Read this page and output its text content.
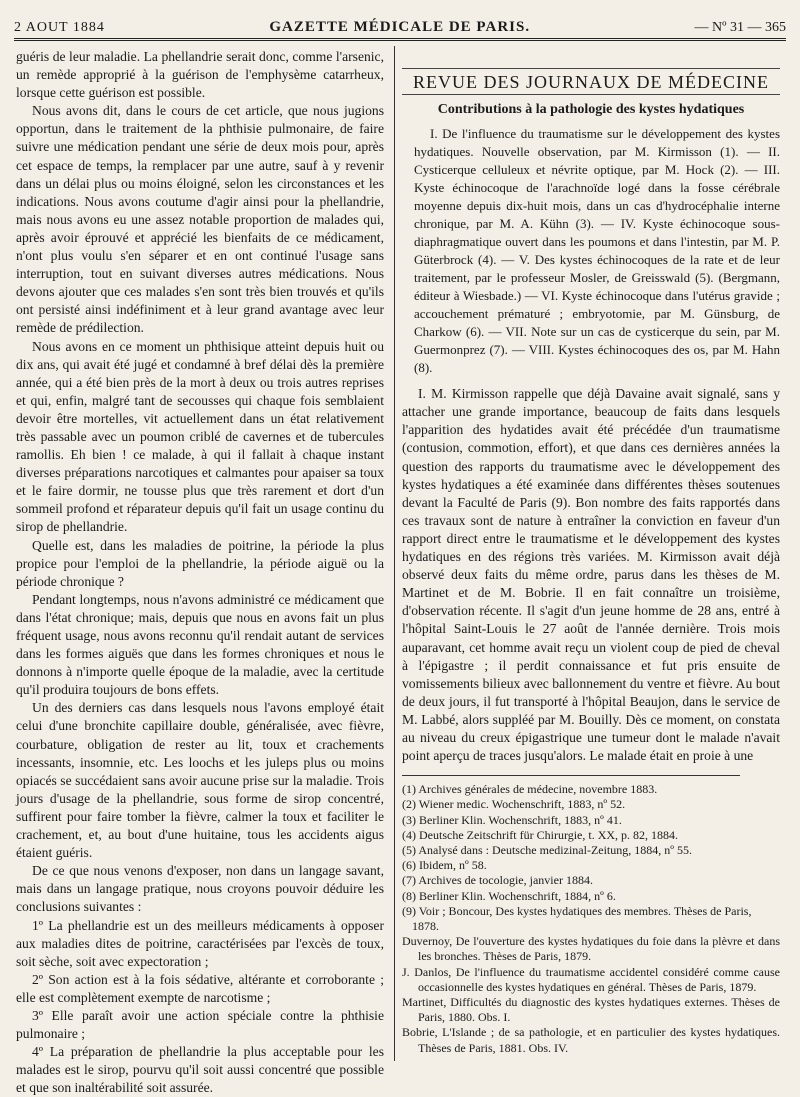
2 AOUT 1884	GAZETTE MÉDICALE DE PARIS.	— Nº 31 — 365

guéris de leur maladie. La phellandrie serait donc, comme l'arsenic, un remède approprié à la guérison de l'emphysème catarrheux, lorsque cette guérison est possible.

Nous avons dit, dans le cours de cet article, que nous jugions opportun, dans le traitement de la phthisie pulmonaire, de faire suivre une médication pendant une série de deux mois pour, après cet espace de temps, la remplacer par une autre, sauf à y revenir dans un délai plus ou moins éloigné, selon les circonstances et les indications. Nous avons coutume d'agir ainsi pour la phellandrie, mais nous avons eu une assez notable proportion de malades qui, après avoir éprouvé et apprécié les bienfaits de ce médicament, n'ont plus voulu s'en séparer et en ont continué l'usage sans interruption, tout en suivant diverses autres médications. Nous devons ajouter que ces malades s'en sont très bien trouvés et qu'ils ont persisté ainsi indéfiniment et à leur grand avantage avec leur remède de prédilection.

Nous avons en ce moment un phthisique atteint depuis huit ou dix ans, qui avait été jugé et condamné à bref délai dès la première année, qui a été bien près de la mort à deux ou trois autres reprises et qui, enfin, malgré tant de secousses qui chaque fois semblaient devoir être mortelles, vit actuellement dans un état relativement très passable avec un poumon criblé de cavernes et de tubercules ramollis. Eh bien ! ce malade, à qui il fallait à chaque instant diverses préparations narcotiques et calmantes pour apaiser sa toux et le faire dormir, ne tousse plus que très rarement et dort d'un sommeil profond et réparateur depuis qu'il fait un usage continu du sirop de phellandrie.

Quelle est, dans les maladies de poitrine, la période la plus propice pour l'emploi de la phellandrie, la période aiguë ou la période chronique ?

Pendant longtemps, nous n'avons administré ce médicament que dans l'état chronique; mais, depuis que nous en avons fait un plus fréquent usage, nous avons reconnu qu'il rendait autant de services dans les formes aiguës que dans les formes chroniques et nous le donnons à n'importe quelle époque de la maladie, avec la certitude qu'il produira toujours de bons effets.

Un des derniers cas dans lesquels nous l'avons employé était celui d'une bronchite capillaire double, généralisée, avec fièvre, courbature, obligation de rester au lit, toux et crachements incessants, insomnie, etc. Les loochs et les juleps plus ou moins opiacés se succédaient sans avoir aucune prise sur la maladie. Trois jours d'usage de la phellandrie, sous forme de sirop concentré, suffirent pour faire tomber la fièvre, calmer la toux et faciliter le crachement, et, au bout d'une huitaine, tous les accidents aigus étaient guéris.

De ce que nous venons d'exposer, non dans un langage savant, mais dans un langage pratique, nous croyons pouvoir déduire les conclusions suivantes :

1º La phellandrie est un des meilleurs médicaments à opposer aux maladies dites de poitrine, caractérisées par l'excès de toux, soit sèche, soit avec expectoration ;

2º Son action est à la fois sédative, altérante et corroborante ; elle est complètement exempte de narcotisme ;

3º Elle paraît avoir une action spéciale contre la phthisie pulmonaire ;

4º La préparation de phellandrie la plus acceptable pour les malades est le sirop, pourvu qu'il soit aussi concentré que possible et que son inaltérabilité soit assurée.

REVUE DES JOURNAUX DE MÉDECINE
Contributions à la pathologie des kystes hydatiques

I. De l'influence du traumatisme sur le développement des kystes hydatiques. Nouvelle observation, par M. Kirmisson (1). — II. Cysticerque celluleux et névrite optique, par M. Hock (2). — III. Kyste échinocoque de l'arachnoïde logé dans la fosse cérébrale moyenne depuis dix-huit mois, dans un cas d'hydrocéphalie interne chronique, par M. A. Kühn (3). — IV. Kyste échinocoque sous-diaphragmatique ouvert dans les poumons et dans l'intestin, par M. P. Güterbrock (4). — V. Des kystes échinocoques de la rate et de leur traitement, par le professeur Mosler, de Greisswald (5). (Bergmann, éditeur à Wiesbade.) — VI. Kyste échinocoque dans l'utérus gravide ; accouchement prématuré ; embryotomie, par M. Günsburg, de Charkow (6). — VII. Note sur un cas de cysticerque du sein, par M. Guermonprez (7). — VIII. Kystes échinocoques des os, par M. Hahn (8).

I. M. Kirmisson rappelle que déjà Davaine avait signalé, sans y attacher une grande importance, beaucoup de faits dans lesquels l'apparition des hydatides avait été précédée d'un traumatisme (contusion, commotion, effort), et que dans ces dernières années la question des rapports du traumatisme avec le développement des kystes hydatiques a été examinée dans différentes thèses soutenues devant la Faculté de Paris (9). Bon nombre des faits rapportés dans ces travaux sont de nature à entraîner la conviction en faveur d'un rapport direct entre le traumatisme et le développement des kystes hydatiques en des régions très variées. M. Kirmisson avait déjà observé deux faits du même ordre, parus dans les thèses de M. Martinet et de M. Bobrie. Il en fait connaître un troisième, d'observation récente. Il s'agit d'un jeune homme de 28 ans, entré à l'hôpital Saint-Louis le 27 août de l'année dernière. Trois mois auparavant, cet homme avait reçu un violent coup de pied de cheval à l'épigastre ; il perdit connaissance et fut pris ensuite de vomissements bilieux avec ballonnement du ventre et fièvre. Au bout de deux jours, il fut transporté à l'hôpital Beaujon, dans le service de M. Labbé, alors suppléé par M. Bouilly. Dès ce moment, on constata au niveau du creux épigastrique une tumeur dont le malade n'avait point aperçu de traces jusqu'alors. Le malade était en proie à une

(1) Archives générales de médecine, novembre 1883.
(2) Wiener medic. Wochenschrift, 1883, nº 52.
(3) Berliner Klin. Wochenschrift, 1883, nº 41.
(4) Deutsche Zeitschrift für Chirurgie, t. XX, p. 82, 1884.
(5) Analysé dans : Deutsche medizinal-Zeitung, 1884, nº 55.
(6) Ibidem, nº 58.
(7) Archives de tocologie, janvier 1884.
(8) Berliner Klin. Wochenschrift, 1884, nº 6.
(9) Voir ; Boncour, Des kystes hydatiques des membres. Thèses de Paris, 1878.
Duvernoy, De l'ouverture des kystes hydatiques du foie dans la plèvre et dans les bronches. Thèses de Paris, 1879.
J. Danlos, De l'influence du traumatisme accidentel considéré comme cause occasionnelle des kystes hydatiques en général. Thèses de Paris, 1879.
Martinet, Difficultés du diagnostic des kystes hydatiques externes. Thèses de Paris, 1880. Obs. I.
Bobrie, L'Islande ; de sa pathologie, et en particulier des kystes hydatiques. Thèses de Paris, 1881. Obs. IV.
